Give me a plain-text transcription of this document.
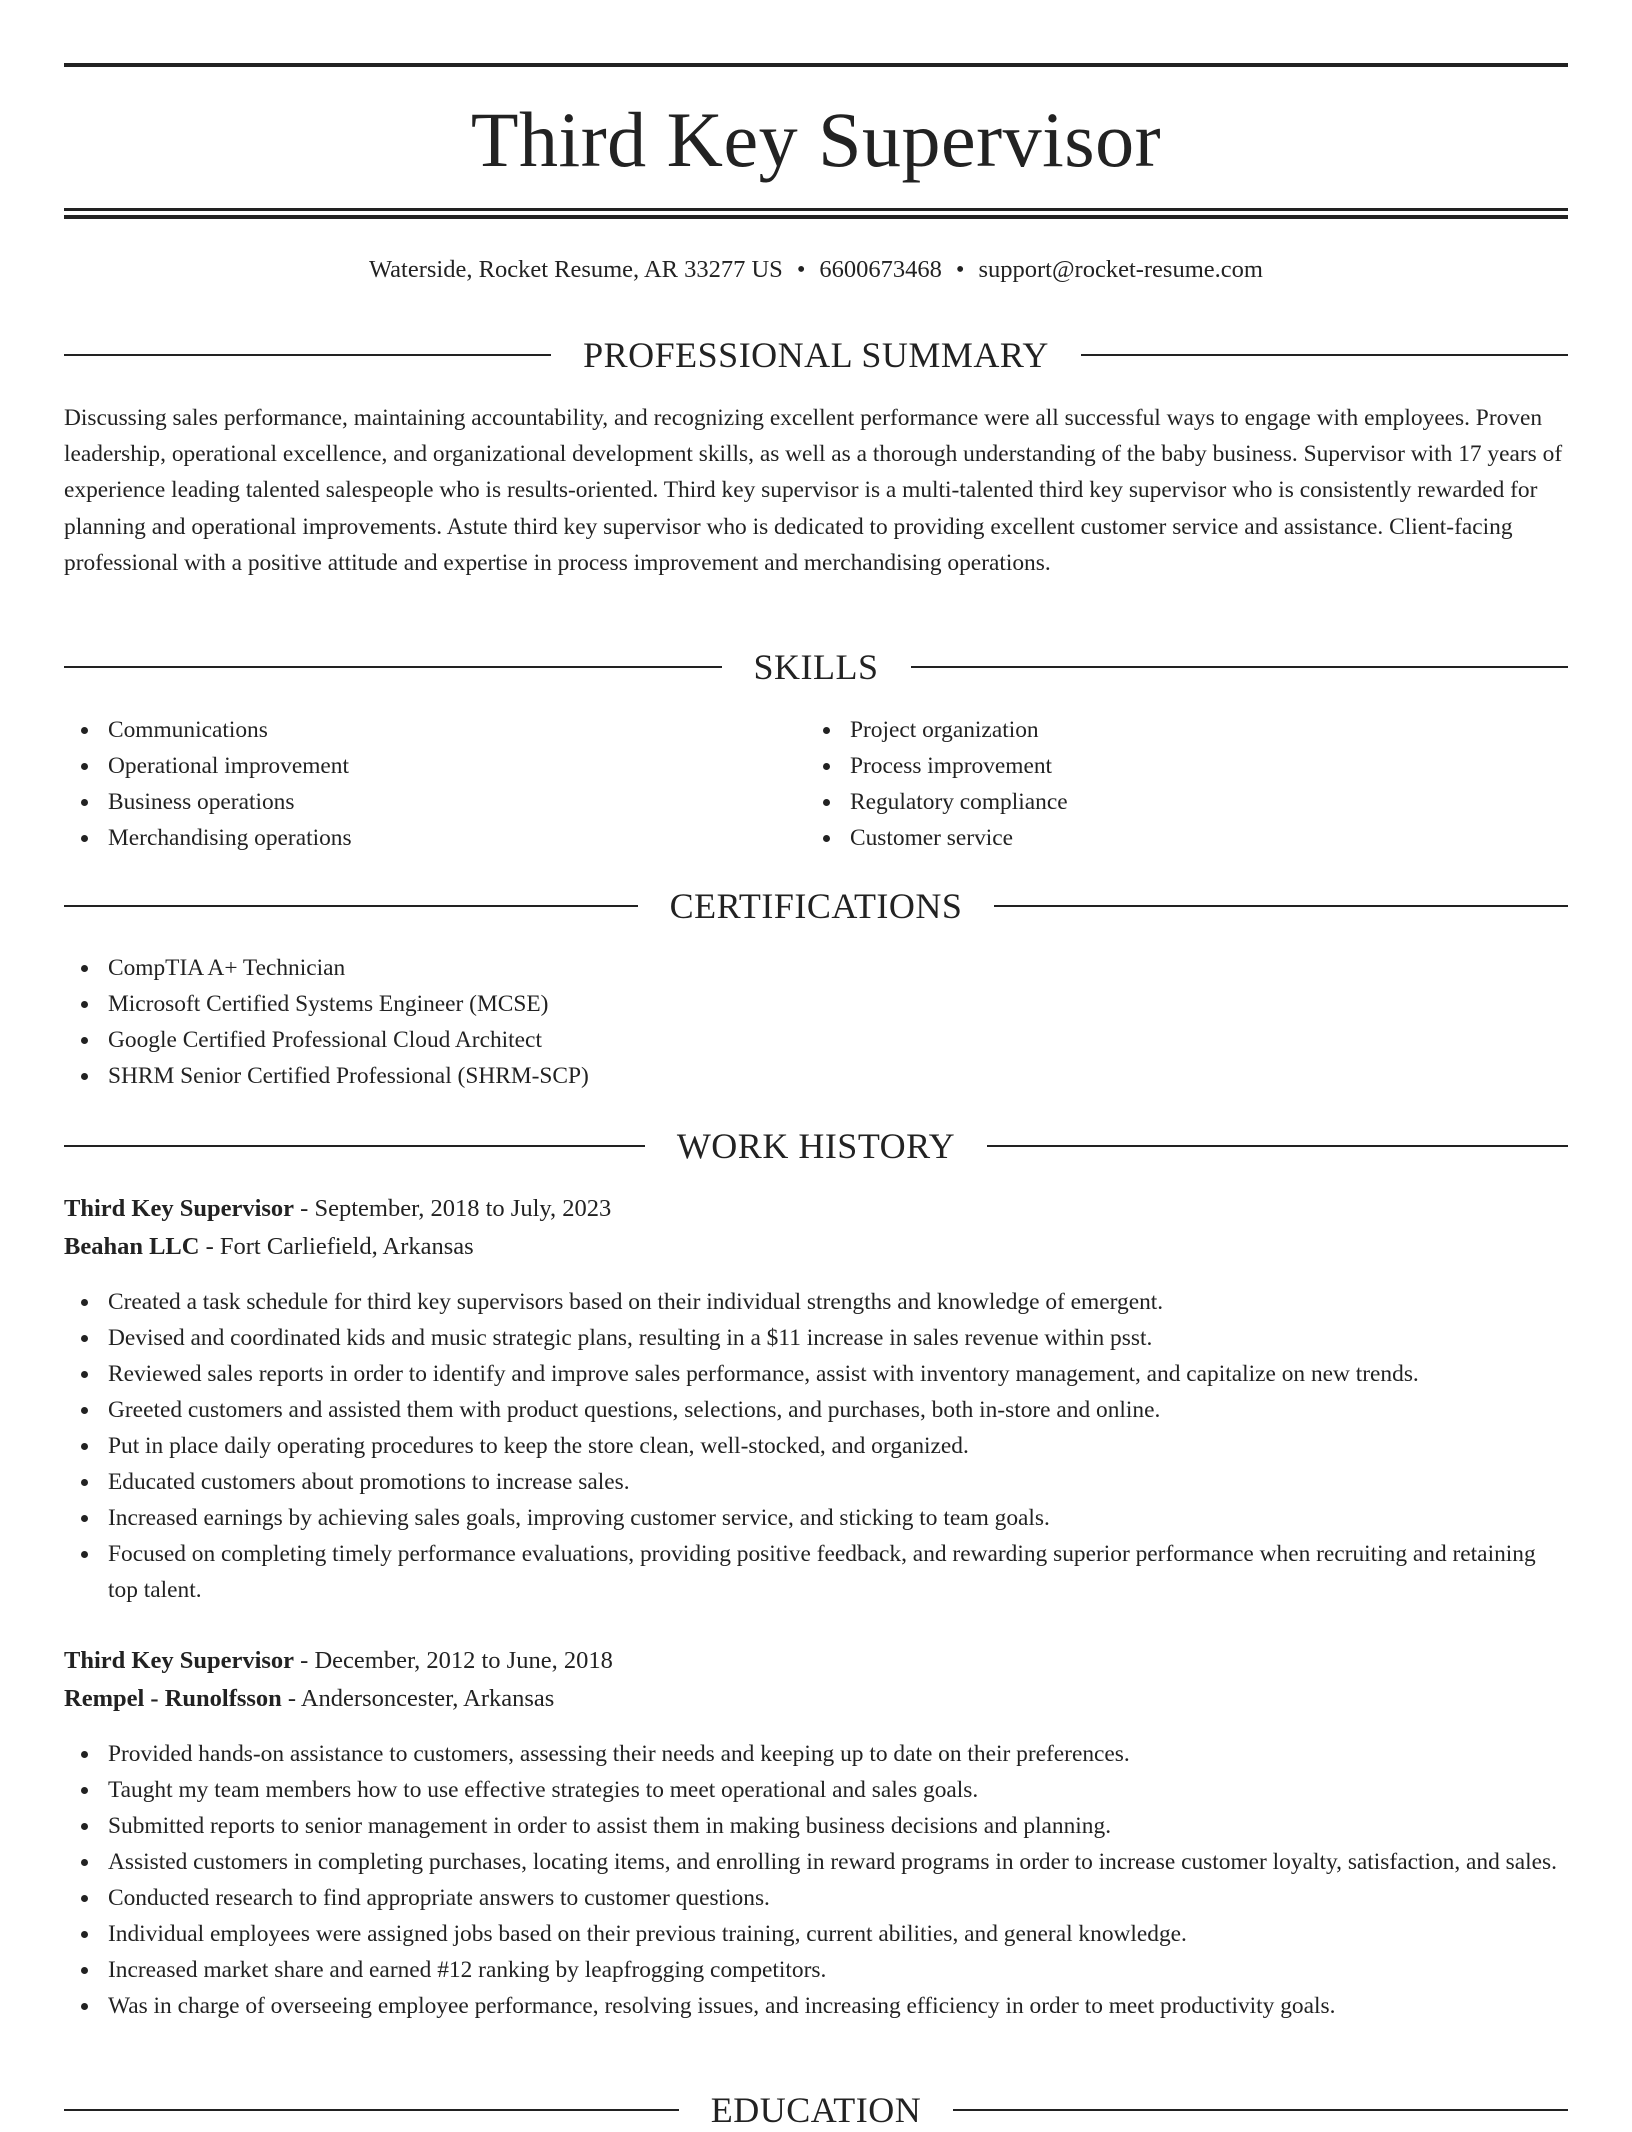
Third Key Supervisor
Waterside, Rocket Resume, AR 33277 US • 6600673468 • support@rocket-resume.com
PROFESSIONAL SUMMARY

Discussing sales performance, maintaining accountability, and recognizing excellent performance were all successful ways to engage with employees. Proven leadership, operational excellence, and organizational development skills, as well as a thorough understanding of the baby business. Supervisor with 17 years of experience leading talented salespeople who is results-oriented. Third key supervisor is a multi-talented third key supervisor who is consistently rewarded for planning and operational improvements. Astute third key supervisor who is dedicated to providing excellent customer service and assistance. Client-facing professional with a positive attitude and expertise in process improvement and merchandising operations.

SKILLS
Communications
Operational improvement
Business operations
Merchandising operations
Project organization
Process improvement
Regulatory compliance
Customer service
CERTIFICATIONS
CompTIA A+ Technician
Microsoft Certified Systems Engineer (MCSE)
Google Certified Professional Cloud Architect
SHRM Senior Certified Professional (SHRM-SCP)
WORK HISTORY
Third Key Supervisor - September, 2018 to July, 2023
Beahan LLC - Fort Carliefield, Arkansas
Created a task schedule for third key supervisors based on their individual strengths and knowledge of emergent.
Devised and coordinated kids and music strategic plans, resulting in a $11 increase in sales revenue within psst.
Reviewed sales reports in order to identify and improve sales performance, assist with inventory management, and capitalize on new trends.
Greeted customers and assisted them with product questions, selections, and purchases, both in-store and online.
Put in place daily operating procedures to keep the store clean, well-stocked, and organized.
Educated customers about promotions to increase sales.
Increased earnings by achieving sales goals, improving customer service, and sticking to team goals.
Focused on completing timely performance evaluations, providing positive feedback, and rewarding superior performance when recruiting and retaining top talent.
Third Key Supervisor - December, 2012 to June, 2018
Rempel - Runolfsson - Andersoncester, Arkansas
Provided hands-on assistance to customers, assessing their needs and keeping up to date on their preferences.
Taught my team members how to use effective strategies to meet operational and sales goals.
Submitted reports to senior management in order to assist them in making business decisions and planning.
Assisted customers in completing purchases, locating items, and enrolling in reward programs in order to increase customer loyalty, satisfaction, and sales.
Conducted research to find appropriate answers to customer questions.
Individual employees were assigned jobs based on their previous training, current abilities, and general knowledge.
Increased market share and earned #12 ranking by leapfrogging competitors.
Was in charge of overseeing employee performance, resolving issues, and increasing efficiency in order to meet productivity goals.
EDUCATION
